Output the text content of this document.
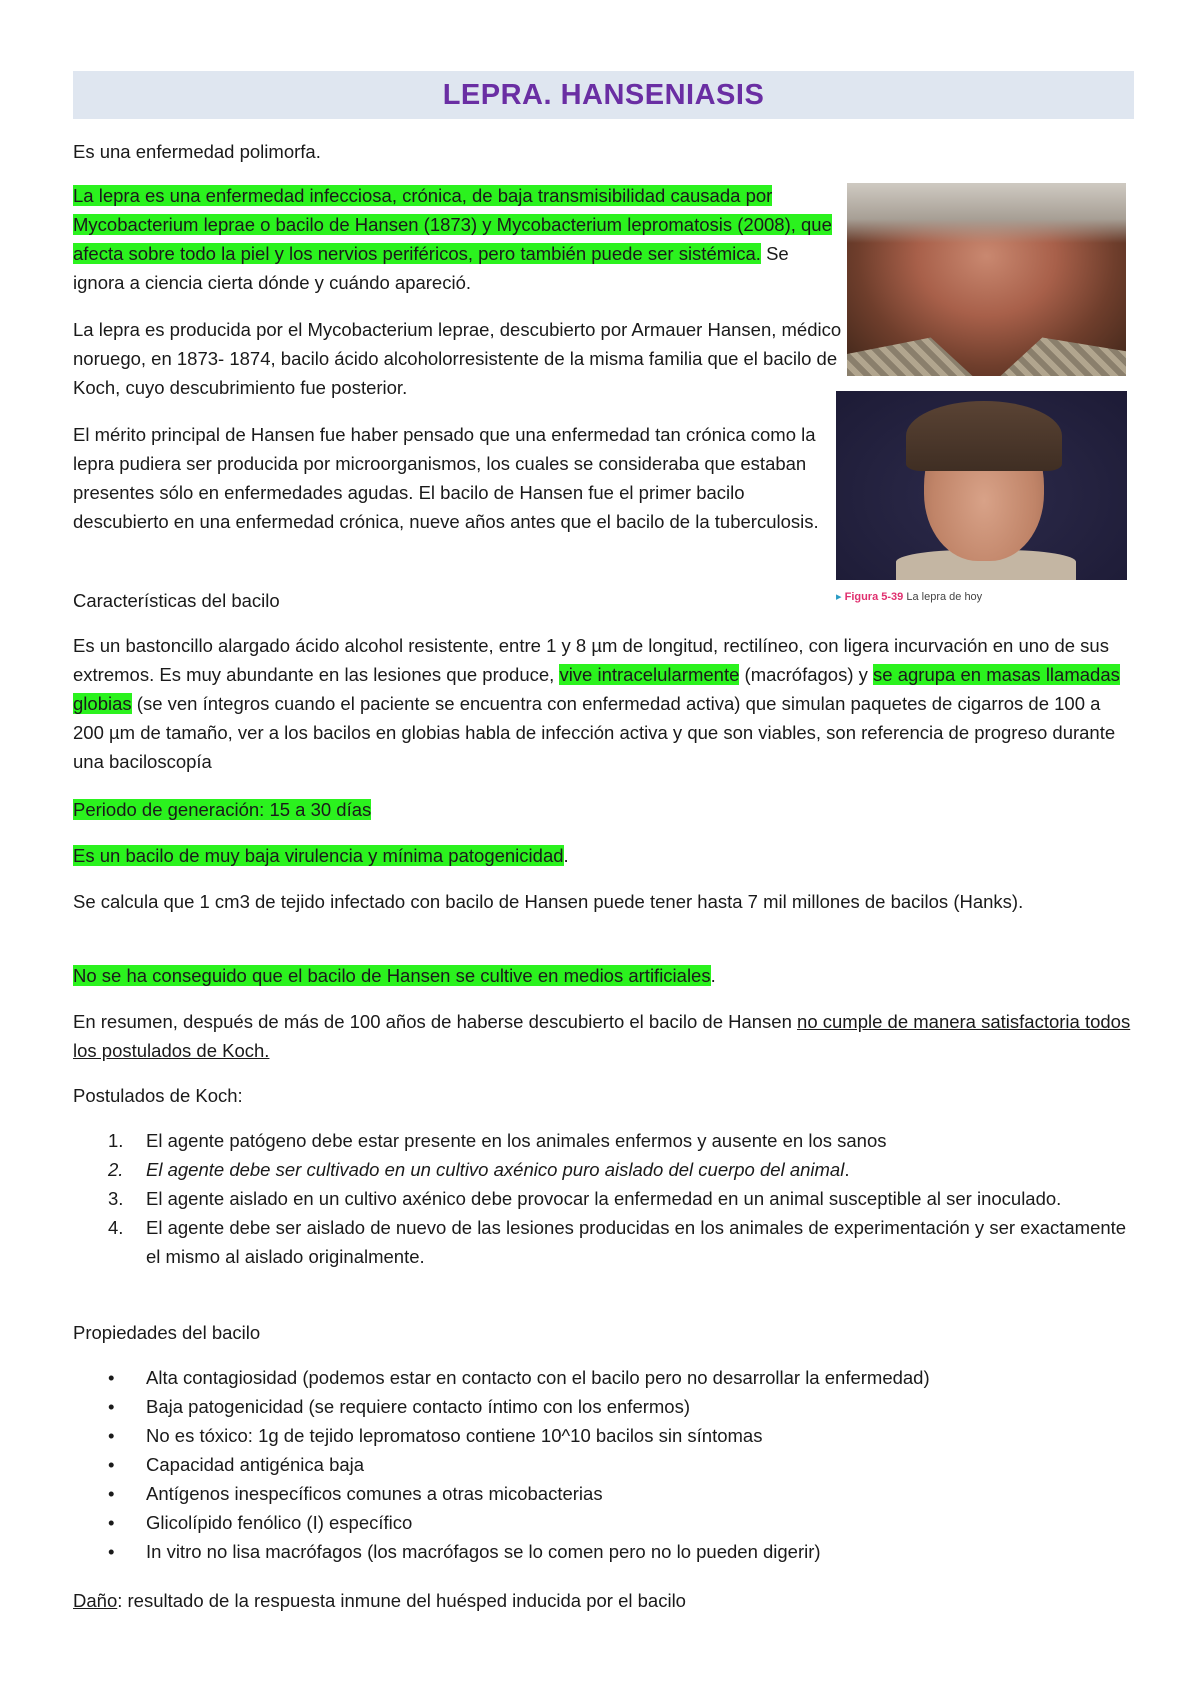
LEPRA. HANSENIASIS

Es una enfermedad polimorfa.

La lepra es una enfermedad infecciosa, crónica, de baja transmisibilidad causada por Mycobacterium leprae o bacilo de Hansen (1873) y Mycobacterium lepromatosis (2008), que afecta sobre todo la piel y los nervios periféricos, pero también puede ser sistémica. Se ignora a ciencia cierta dónde y cuándo apareció.

La lepra es producida por el Mycobacterium leprae, descubierto por Armauer Hansen, médico noruego, en 1873- 1874, bacilo ácido alcoholorresistente de la misma familia que el bacilo de Koch, cuyo descubrimiento fue posterior.

El mérito principal de Hansen fue haber pensado que una enfermedad tan crónica como la lepra pudiera ser producida por microorganismos, los cuales se consideraba que estaban presentes sólo en enfermedades agudas. El bacilo de Hansen fue el primer bacilo descubierto en una enfermedad crónica, nueve años antes que el bacilo de la tuberculosis.

▸ Figura 5-39 La lepra de hoy

Características del bacilo

Es un bastoncillo alargado ácido alcohol resistente, entre 1 y 8 µm de longitud, rectilíneo, con ligera incurvación en uno de sus extremos. Es muy abundante en las lesiones que produce, vive intracelularmente (macrófagos) y se agrupa en masas llamadas globias (se ven íntegros cuando el paciente se encuentra con enfermedad activa) que simulan paquetes de cigarros de 100 a 200 µm de tamaño, ver a los bacilos en globias habla de infección activa y que son viables, son referencia de progreso durante una baciloscopía

Periodo de generación: 15 a 30 días

Es un bacilo de muy baja virulencia y mínima patogenicidad.

Se calcula que 1 cm3 de tejido infectado con bacilo de Hansen puede tener hasta 7 mil millones de bacilos (Hanks).

No se ha conseguido que el bacilo de Hansen se cultive en medios artificiales.

En resumen, después de más de 100 años de haberse descubierto el bacilo de Hansen no cumple de manera satisfactoria todos los postulados de Koch.

Postulados de Koch:

1. El agente patógeno debe estar presente en los animales enfermos y ausente en los sanos
2. El agente debe ser cultivado en un cultivo axénico puro aislado del cuerpo del animal.
3. El agente aislado en un cultivo axénico debe provocar la enfermedad en un animal susceptible al ser inoculado.
4. El agente debe ser aislado de nuevo de las lesiones producidas en los animales de experimentación y ser exactamente el mismo al aislado originalmente.

Propiedades del bacilo

• Alta contagiosidad (podemos estar en contacto con el bacilo pero no desarrollar la enfermedad)
• Baja patogenicidad (se requiere contacto íntimo con los enfermos)
• No es tóxico: 1g de tejido lepromatoso contiene 10^10 bacilos sin síntomas
• Capacidad antigénica baja
• Antígenos inespecíficos comunes a otras micobacterias
• Glicolípido fenólico (I) específico
• In vitro no lisa macrófagos (los macrófagos se lo comen pero no lo pueden digerir)

Daño: resultado de la respuesta inmune del huésped inducida por el bacilo
